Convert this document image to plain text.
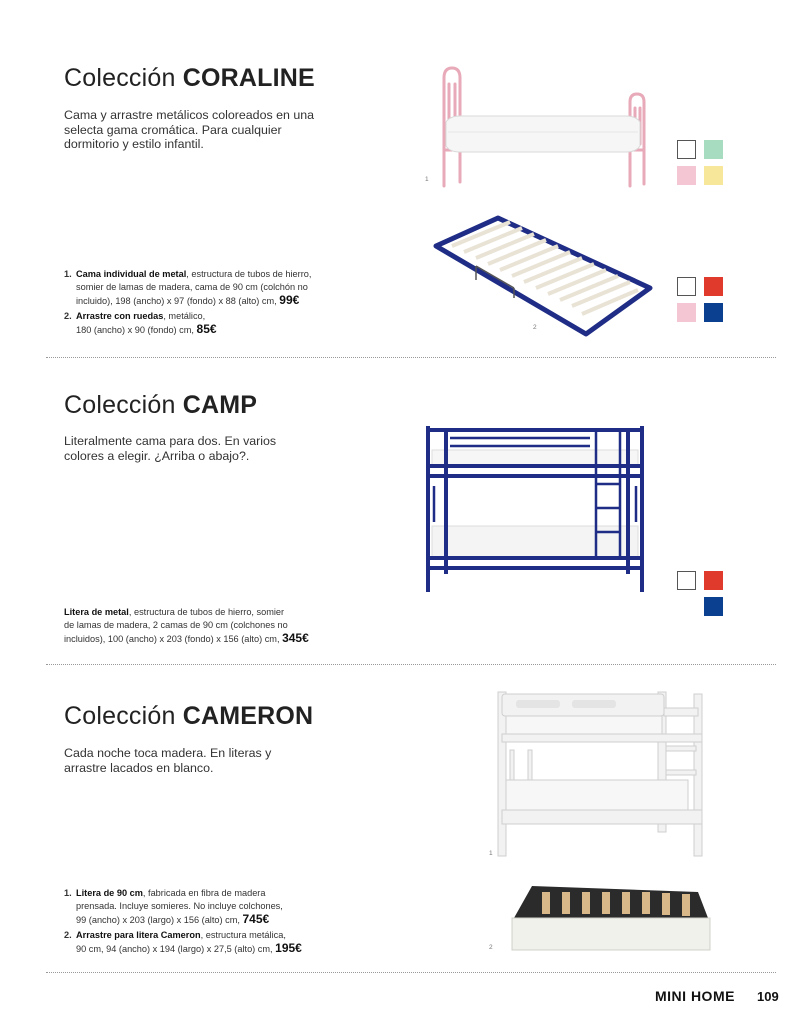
Colección CORALINE
Cama y arrastre metálicos coloreados en una selecta gama cromática. Para cualquier dormitorio y estilo infantil.
1
2
1. Cama individual de metal, estructura de tubos de hierro,
somier de lamas de madera, cama de 90 cm (colchón no
incluido), 198 (ancho) x 97 (fondo) x 88 (alto) cm, 99€
2. Arrastre con ruedas, metálico,
180 (ancho) x 90 (fondo) cm, 85€
Colección CAMP
Literalmente cama para dos. En varios colores a elegir. ¿Arriba o abajo?.
Litera de metal, estructura de tubos de hierro, somier
de lamas de madera, 2 camas de 90 cm (colchones no
incluidos), 100 (ancho) x 203 (fondo) x 156 (alto) cm, 345€
Colección CAMERON
Cada noche toca madera. En literas y arrastre lacados en blanco.
1
2
1. Litera de 90 cm, fabricada en fibra de madera
prensada. Incluye somieres. No incluye colchones,
99 (ancho) x 203 (largo) x 156 (alto) cm, 745€
2. Arrastre para litera Cameron, estructura metálica,
90 cm, 94 (ancho) x 194 (largo) x 27,5 (alto) cm, 195€
MINI HOME 109
